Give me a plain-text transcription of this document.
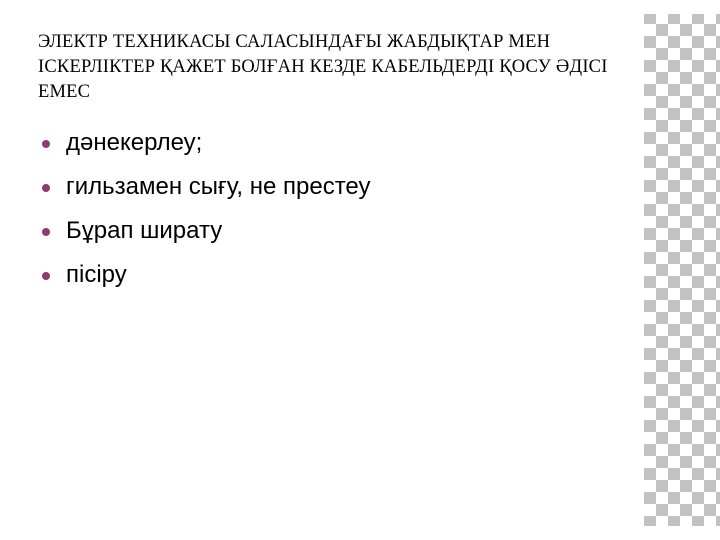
ЭЛЕКТР ТЕХНИКАСЫ САЛАСЫНДАҒЫ ЖАБДЫҚТАР МЕН ІСКЕРЛІКТЕР ҚАЖЕТ БОЛҒАН КЕЗДЕ КАБЕЛЬДЕРДІ ҚОСУ ӘДІСІ ЕМЕС
дәнекерлеу;
гильзамен сығу, не престеу
Бұрап ширату
пісіру
